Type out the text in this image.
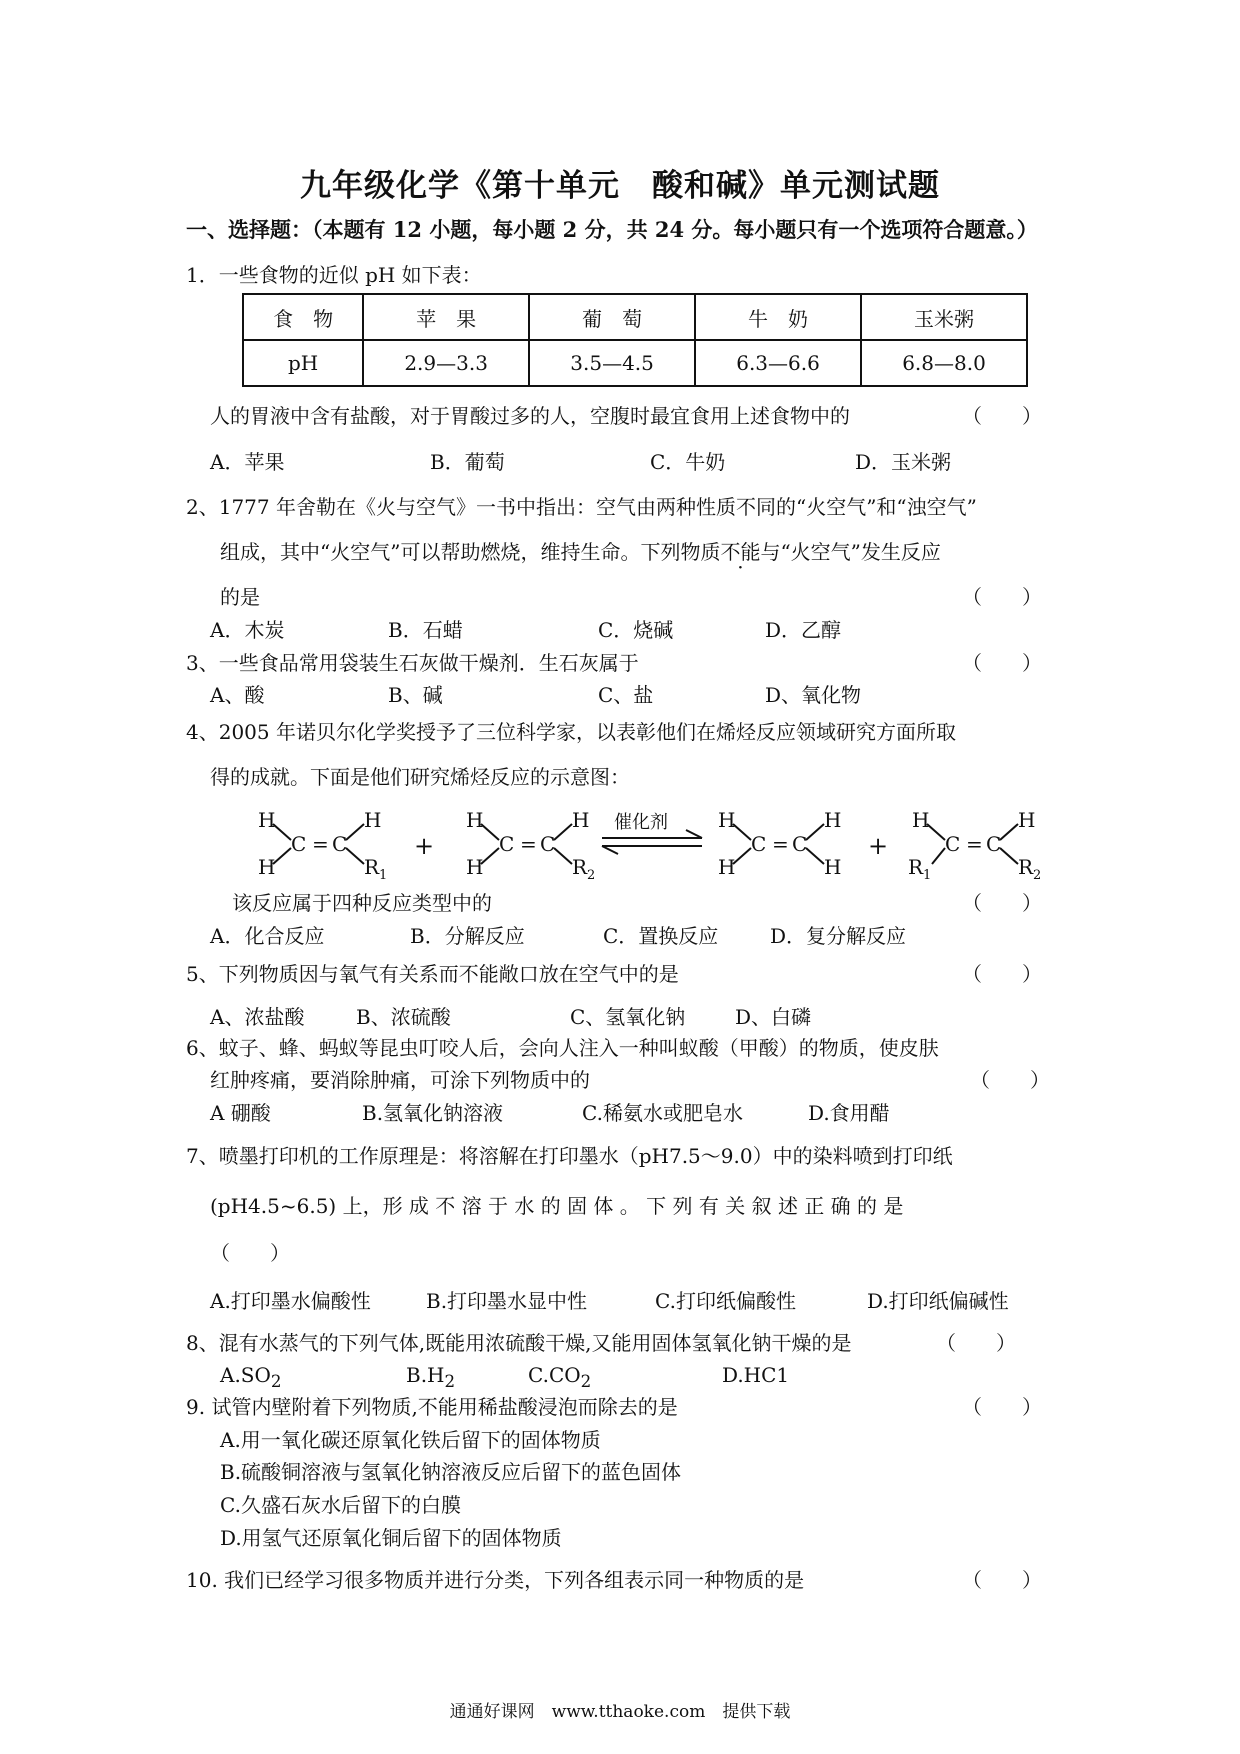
九年级化学《第十单元　酸和碱》单元测试题
一、选择题：（本题有 12 小题，每小题 2 分，共 24 分。每小题只有一个选项符合题意。）
1．一些食物的近似 pH 如下表：
食　物	苹　果	葡　萄	牛　奶	玉米粥
pH	2.9—3.3	3.5—4.5	6.3—6.6	6.8—8.0
人的胃液中含有盐酸，对于胃酸过多的人，空腹时最宜食用上述食物中的	（　　）
A．苹果	B．葡萄	C．牛奶	D．玉米粥
2、1777 年舍勒在《火与空气》一书中指出：空气由两种性质不同的“火空气”和“浊空气”
组成，其中“火空气”可以帮助燃烧，维持生命。下列物质不能与“火空气”发生反应
的是	（　　）
A．木炭	B．石蜡	C．烧碱	D．乙醇
3、一些食品常用袋装生石灰做干燥剂．生石灰属于	（　　）
A、酸	B、碱	C、盐	D、氧化物
4、2005 年诺贝尔化学奖授予了三位科学家，以表彰他们在烯烃反应领域研究方面所取
得的成就。下面是他们研究烯烃反应的示意图：
H
H
C = C
H
R 1
+
H
H
C = C
H
R 2
催化剂	H
H
C = C
H
H
+
H
R 1
C = C
H
R 2
该反应属于四种反应类型中的	（　　）
A．化合反应	B．分解反应	C．置换反应	D．复分解反应
5、下列物质因与氧气有关系而不能敞口放在空气中的是	（　　）
A、浓盐酸	B、浓硫酸	C、氢氧化钠 D、白磷
6、蚊子、蜂、蚂蚁等昆虫叮咬人后，会向人注入一种叫蚁酸（甲酸）的物质，使皮肤
红肿疼痛，要消除肿痛，可涂下列物质中的	（　　）
A 硼酸	B.氢氧化钠溶液	C.稀氨水或肥皂水	D.食用醋
7、喷墨打印机的工作原理是：将溶解在打印墨水（pH7.5～9.0）中的染料喷到打印纸
(pH4.5~6.5) 上，形 成 不 溶 于 水 的 固 体 。 下 列 有 关 叙 述 正 确 的 是
（　　）
A.打印墨水偏酸性	B.打印墨水显中性	C.打印纸偏酸性	D.打印纸偏碱性
8、混有水蒸气的下列气体,既能用浓硫酸干燥,又能用固体氢氧化钠干燥的是	（　　）
$A.SO_2$	$B.H_2$	$C.CO_2$	D.HC1
9. 试管内壁附着下列物质,不能用稀盐酸浸泡而除去的是	（　　）
A.用一氧化碳还原氧化铁后留下的固体物质
B.硫酸铜溶液与氢氧化钠溶液反应后留下的蓝色固体
C.久盛石灰水后留下的白膜
D.用氢气还原氧化铜后留下的固体物质
10. 我们已经学习很多物质并进行分类，下列各组表示同一种物质的是	（　　）
通通好课网　www.tthaoke.com　提供下载
